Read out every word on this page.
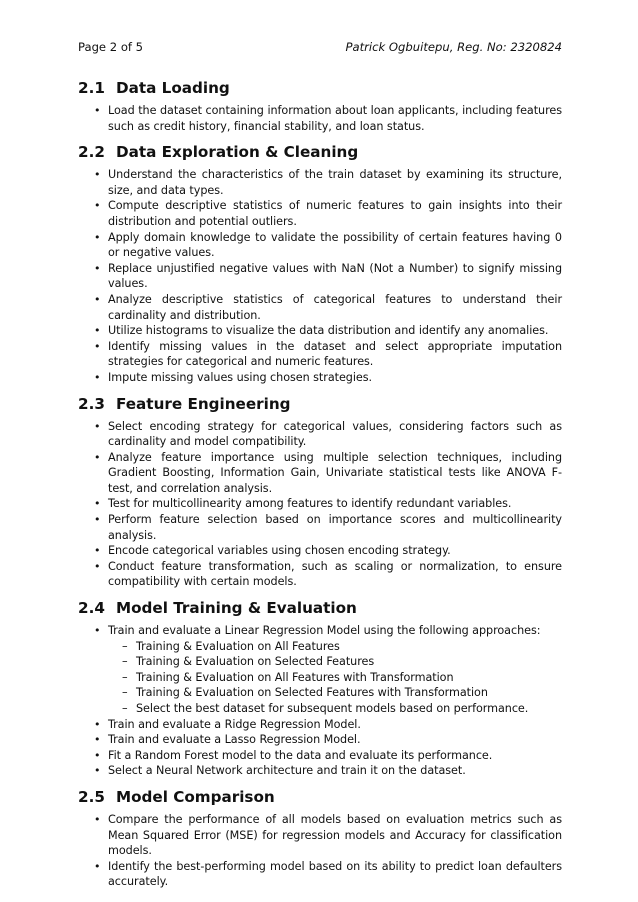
Page 2 of 5	Patrick Ogbuitepu, Reg. No: 2320824
2.1 Data Loading
• Load the dataset containing information about loan applicants, including features such as credit history, financial stability, and loan status.
2.2 Data Exploration & Cleaning
• Understand the characteristics of the train dataset by examining its structure, size, and data types.
• Compute descriptive statistics of numeric features to gain insights into their distribution and potential outliers.
• Apply domain knowledge to validate the possibility of certain features having 0 or negative values.
• Replace unjustified negative values with NaN (Not a Number) to signify missing values.
• Analyze descriptive statistics of categorical features to understand their cardinality and distribution.
• Utilize histograms to visualize the data distribution and identify any anomalies.
• Identify missing values in the dataset and select appropriate imputation strategies for categorical and numeric features.
• Impute missing values using chosen strategies.
2.3 Feature Engineering
• Select encoding strategy for categorical values, considering factors such as cardinality and model compatibility.
• Analyze feature importance using multiple selection techniques, including Gradient Boosting, Information Gain, Univariate statistical tests like ANOVA F-test, and correlation analysis.
• Test for multicollinearity among features to identify redundant variables.
• Perform feature selection based on importance scores and multicollinearity analysis.
• Encode categorical variables using chosen encoding strategy.
• Conduct feature transformation, such as scaling or normalization, to ensure compatibility with certain models.
2.4 Model Training & Evaluation
• Train and evaluate a Linear Regression Model using the following approaches:
– Training & Evaluation on All Features
– Training & Evaluation on Selected Features
– Training & Evaluation on All Features with Transformation
– Training & Evaluation on Selected Features with Transformation
– Select the best dataset for subsequent models based on performance.
• Train and evaluate a Ridge Regression Model.
• Train and evaluate a Lasso Regression Model.
• Fit a Random Forest model to the data and evaluate its performance.
• Select a Neural Network architecture and train it on the dataset.
2.5 Model Comparison
• Compare the performance of all models based on evaluation metrics such as Mean Squared Error (MSE) for regression models and Accuracy for classification models.
• Identify the best-performing model based on its ability to predict loan defaulters accurately.
